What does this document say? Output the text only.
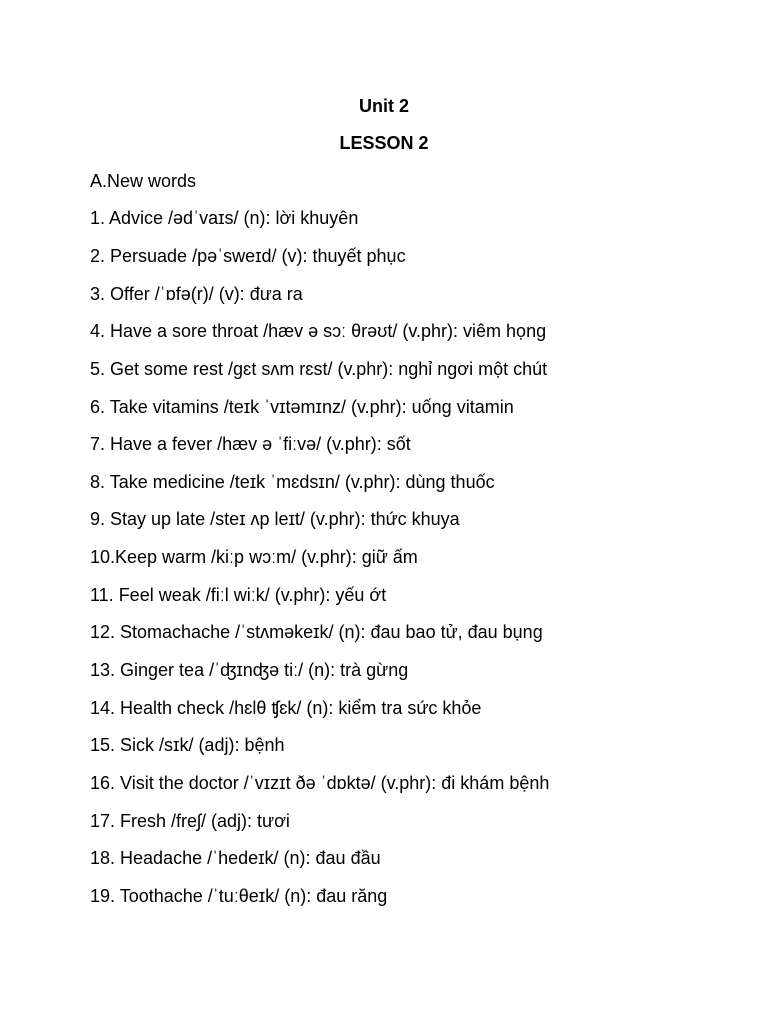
Unit 2
LESSON 2
A.New words
1. Advice /ədˈvaɪs/ (n): lời khuyên
2. Persuade /pəˈsweɪd/ (v): thuyết phục
3. Offer /ˈɒfə(r)/ (v): đưa ra
4. Have a sore throat /hæv ə sɔː θrəʊt/ (v.phr): viêm họng
5. Get some rest /gɛt sʌm rɛst/ (v.phr): nghỉ ngơi một chút
6. Take vitamins /teɪk ˈvɪtəmɪnz/ (v.phr): uống vitamin
7. Have a fever /hæv ə ˈfiːvə/ (v.phr): sốt
8. Take medicine /teɪk ˈmɛdsɪn/ (v.phr): dùng thuốc
9. Stay up late /steɪ ʌp leɪt/ (v.phr): thức khuya
10.Keep warm /kiːp wɔːm/ (v.phr): giữ ấm
11. Feel weak /fiːl wiːk/ (v.phr): yếu ớt
12. Stomachache /ˈstʌməkeɪk/ (n): đau bao tử, đau bụng
13. Ginger tea /ˈʤɪnʤə tiː/ (n): trà gừng
14. Health check /hɛlθ ʧɛk/ (n): kiểm tra sức khỏe
15. Sick /sɪk/ (adj): bệnh
16. Visit the doctor /ˈvɪzɪt ðə ˈdɒktə/ (v.phr): đi khám bệnh
17. Fresh /freʃ/ (adj): tươi
18. Headache /ˈhedeɪk/ (n): đau đầu
19. Toothache /ˈtuːθeɪk/ (n): đau răng
